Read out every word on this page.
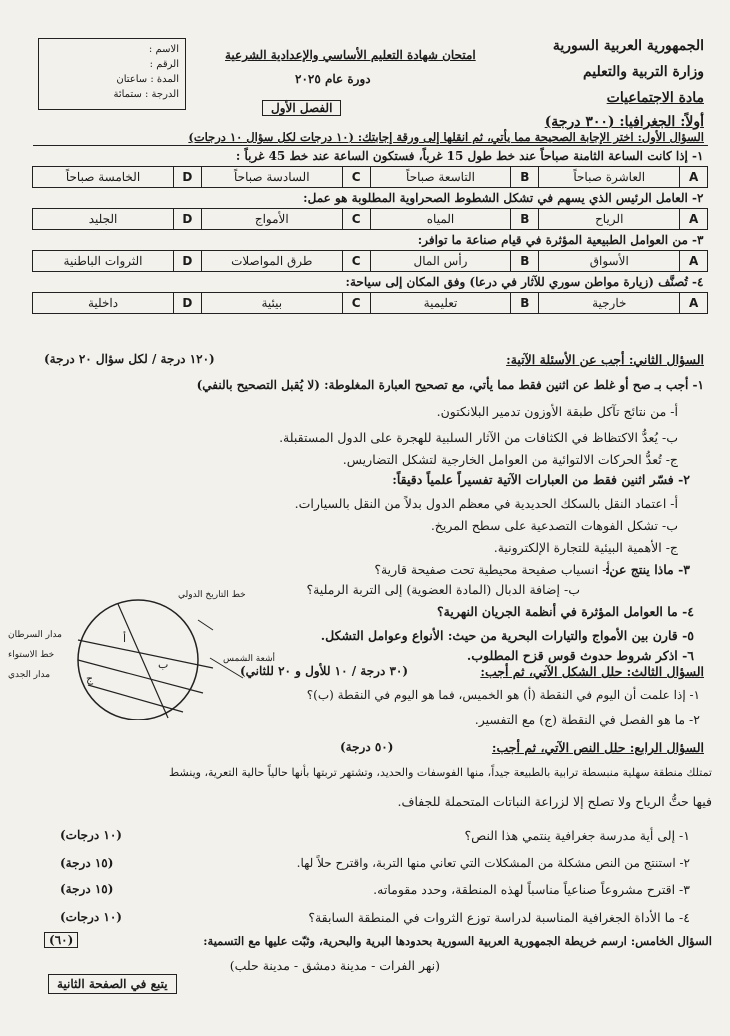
الجمهورية العربية السورية
وزارة التربية والتعليم
مادة الاجتماعيات
امتحان شهادة التعليم الأساسي والإعدادية الشرعية
دورة عام ٢٠٢٥
الفصل الأول
الاسم :
الرقم :
المدة : ساعتان
الدرجة : ستمائة
أولاً: الجغرافيا: (٣٠٠ درجة)
السؤال الأول: اختر الإجابة الصحيحة مما يأتي، ثم انقلها إلى ورقة إجابتك: (١٠ درجات لكل سؤال ١٠ درجات)
١- إذا كانت الساعة الثامنة صباحاً عند خط طول 15 غرباً، فستكون الساعة عند خط 45 غرباً :							
A	العاشرة صباحاً	B	التاسعة صباحاً	C	السادسة صباحاً	D	الخامسة صباحاً
٢- العامل الرئيس الذي يسهم في تشكل الشطوط الصحراوية المطلوبة هو عمل:							
A	الرياح	B	المياه	C	الأمواج	D	الجليد
٣- من العوامل الطبيعية المؤثرة في قيام صناعة ما توافر:							
A	الأسواق	B	رأس المال	C	طرق المواصلات	D	الثروات الباطنية
٤- تُصنَّف (زيارة مواطن سوري للآثار في درعا) وفق المكان إلى سياحة:							
A	خارجية	B	تعليمية	C	بيئية	D	داخلية
السؤال الثاني: أجب عن الأسئلة الآتية:
(١٢٠ درجة / لكل سؤال ٢٠ درجة)
١- أجب بـ صح أو غلط عن اثنين فقط مما يأتي، مع تصحيح العبارة المغلوطة: (لا يُقبل التصحيح بالنفي)
أ- من نتائج تآكل طبقة الأوزون تدمير البلانكتون.
ب- يُعدُّ الاكتظاظ في الكثافات من الآثار السلبية للهجرة على الدول المستقبلة.
ج- تُعدُّ الحركات الالتوائية من العوامل الخارجية لتشكل التضاريس.
٢- فسّر اثنين فقط من العبارات الآتية تفسيراً علمياً دقيقاً:
أ- اعتماد النقل بالسكك الحديدية في معظم الدول بدلاً من النقل بالسيارات.
ب- تشكل الفوهات التصدعية على سطح المريخ.
ج- الأهمية البيئية للتجارة الإلكترونية.
٣- ماذا ينتج عن:
أ- انسياب صفيحة محيطية تحت صفيحة قارية؟
ب- إضافة الدبال (المادة العضوية) إلى التربة الرملية؟
٤- ما العوامل المؤثرة في أنظمة الجريان النهرية؟
٥- قارن بين الأمواج والتيارات البحرية من حيث: الأنواع وعوامل التشكل.
٦- اذكر شروط حدوث قوس قزح المطلوب.
خط التاريخ الدولي
مدار السرطان
خط الاستواء
مدار الجدي
أشعة الشمس
أ
ب
ج	السؤال الثالث: حلل الشكل الآتي، ثم أجب:
(٣٠ درجة / ١٠ للأول و ٢٠ للثاني)
١- إذا علمت أن اليوم في النقطة (أ) هو الخميس، فما هو اليوم في النقطة (ب)؟
٢- ما هو الفصل في النقطة (ج) مع التفسير.
السؤال الرابع: حلل النص الآتي، ثم أجب:
(٥٠ درجة)
تمتلك منطقة سهلية منبسطة ترابية بالطبيعة جيداً، منها الفوسفات والحديد، وتشتهر تربتها بأنها حالياً حالية التعرية، وينشط
فيها حتُّ الرياح ولا تصلح إلا لزراعة النباتات المتحملة للجفاف.
١- إلى أية مدرسة جغرافية ينتمي هذا النص؟
(١٠ درجات)
٢- استنتج من النص مشكلة من المشكلات التي تعاني منها التربة، واقترح حلاً لها.
(١٥ درجة)
٣- اقترح مشروعاً صناعياً مناسباً لهذه المنطقة، وحدد مقوماته.
(١٥ درجة)
٤- ما الأداة الجغرافية المناسبة لدراسة توزع الثروات في المنطقة السابقة؟
(١٠ درجات)
السؤال الخامس: ارسم خريطة الجمهورية العربية السورية بحدودها البرية والبحرية، وثبّت عليها مع التسمية:
(٦٠)
(نهر الفرات - مدينة دمشق - مدينة حلب)
يتبع في الصفحة الثانية
